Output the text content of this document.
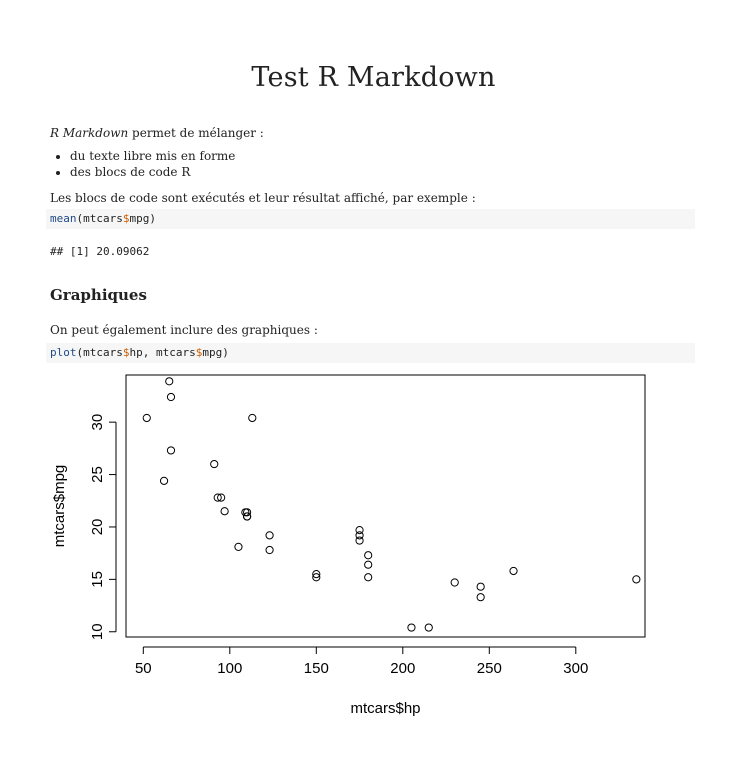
Test R Markdown
R Markdown permet de mélanger :
• du texte libre mis en forme
• des blocs de code R
Les blocs de code sont exécutés et leur résultat affiché, par exemple :
mean(mtcars$mpg)
## [1] 20.09062
Graphiques
On peut également inclure des graphiques :
plot(mtcars$hp, mtcars$mpg)
50	100	150	200	250	300
10
15
20
25
30
mtcars$hp
mtcars$mpg
